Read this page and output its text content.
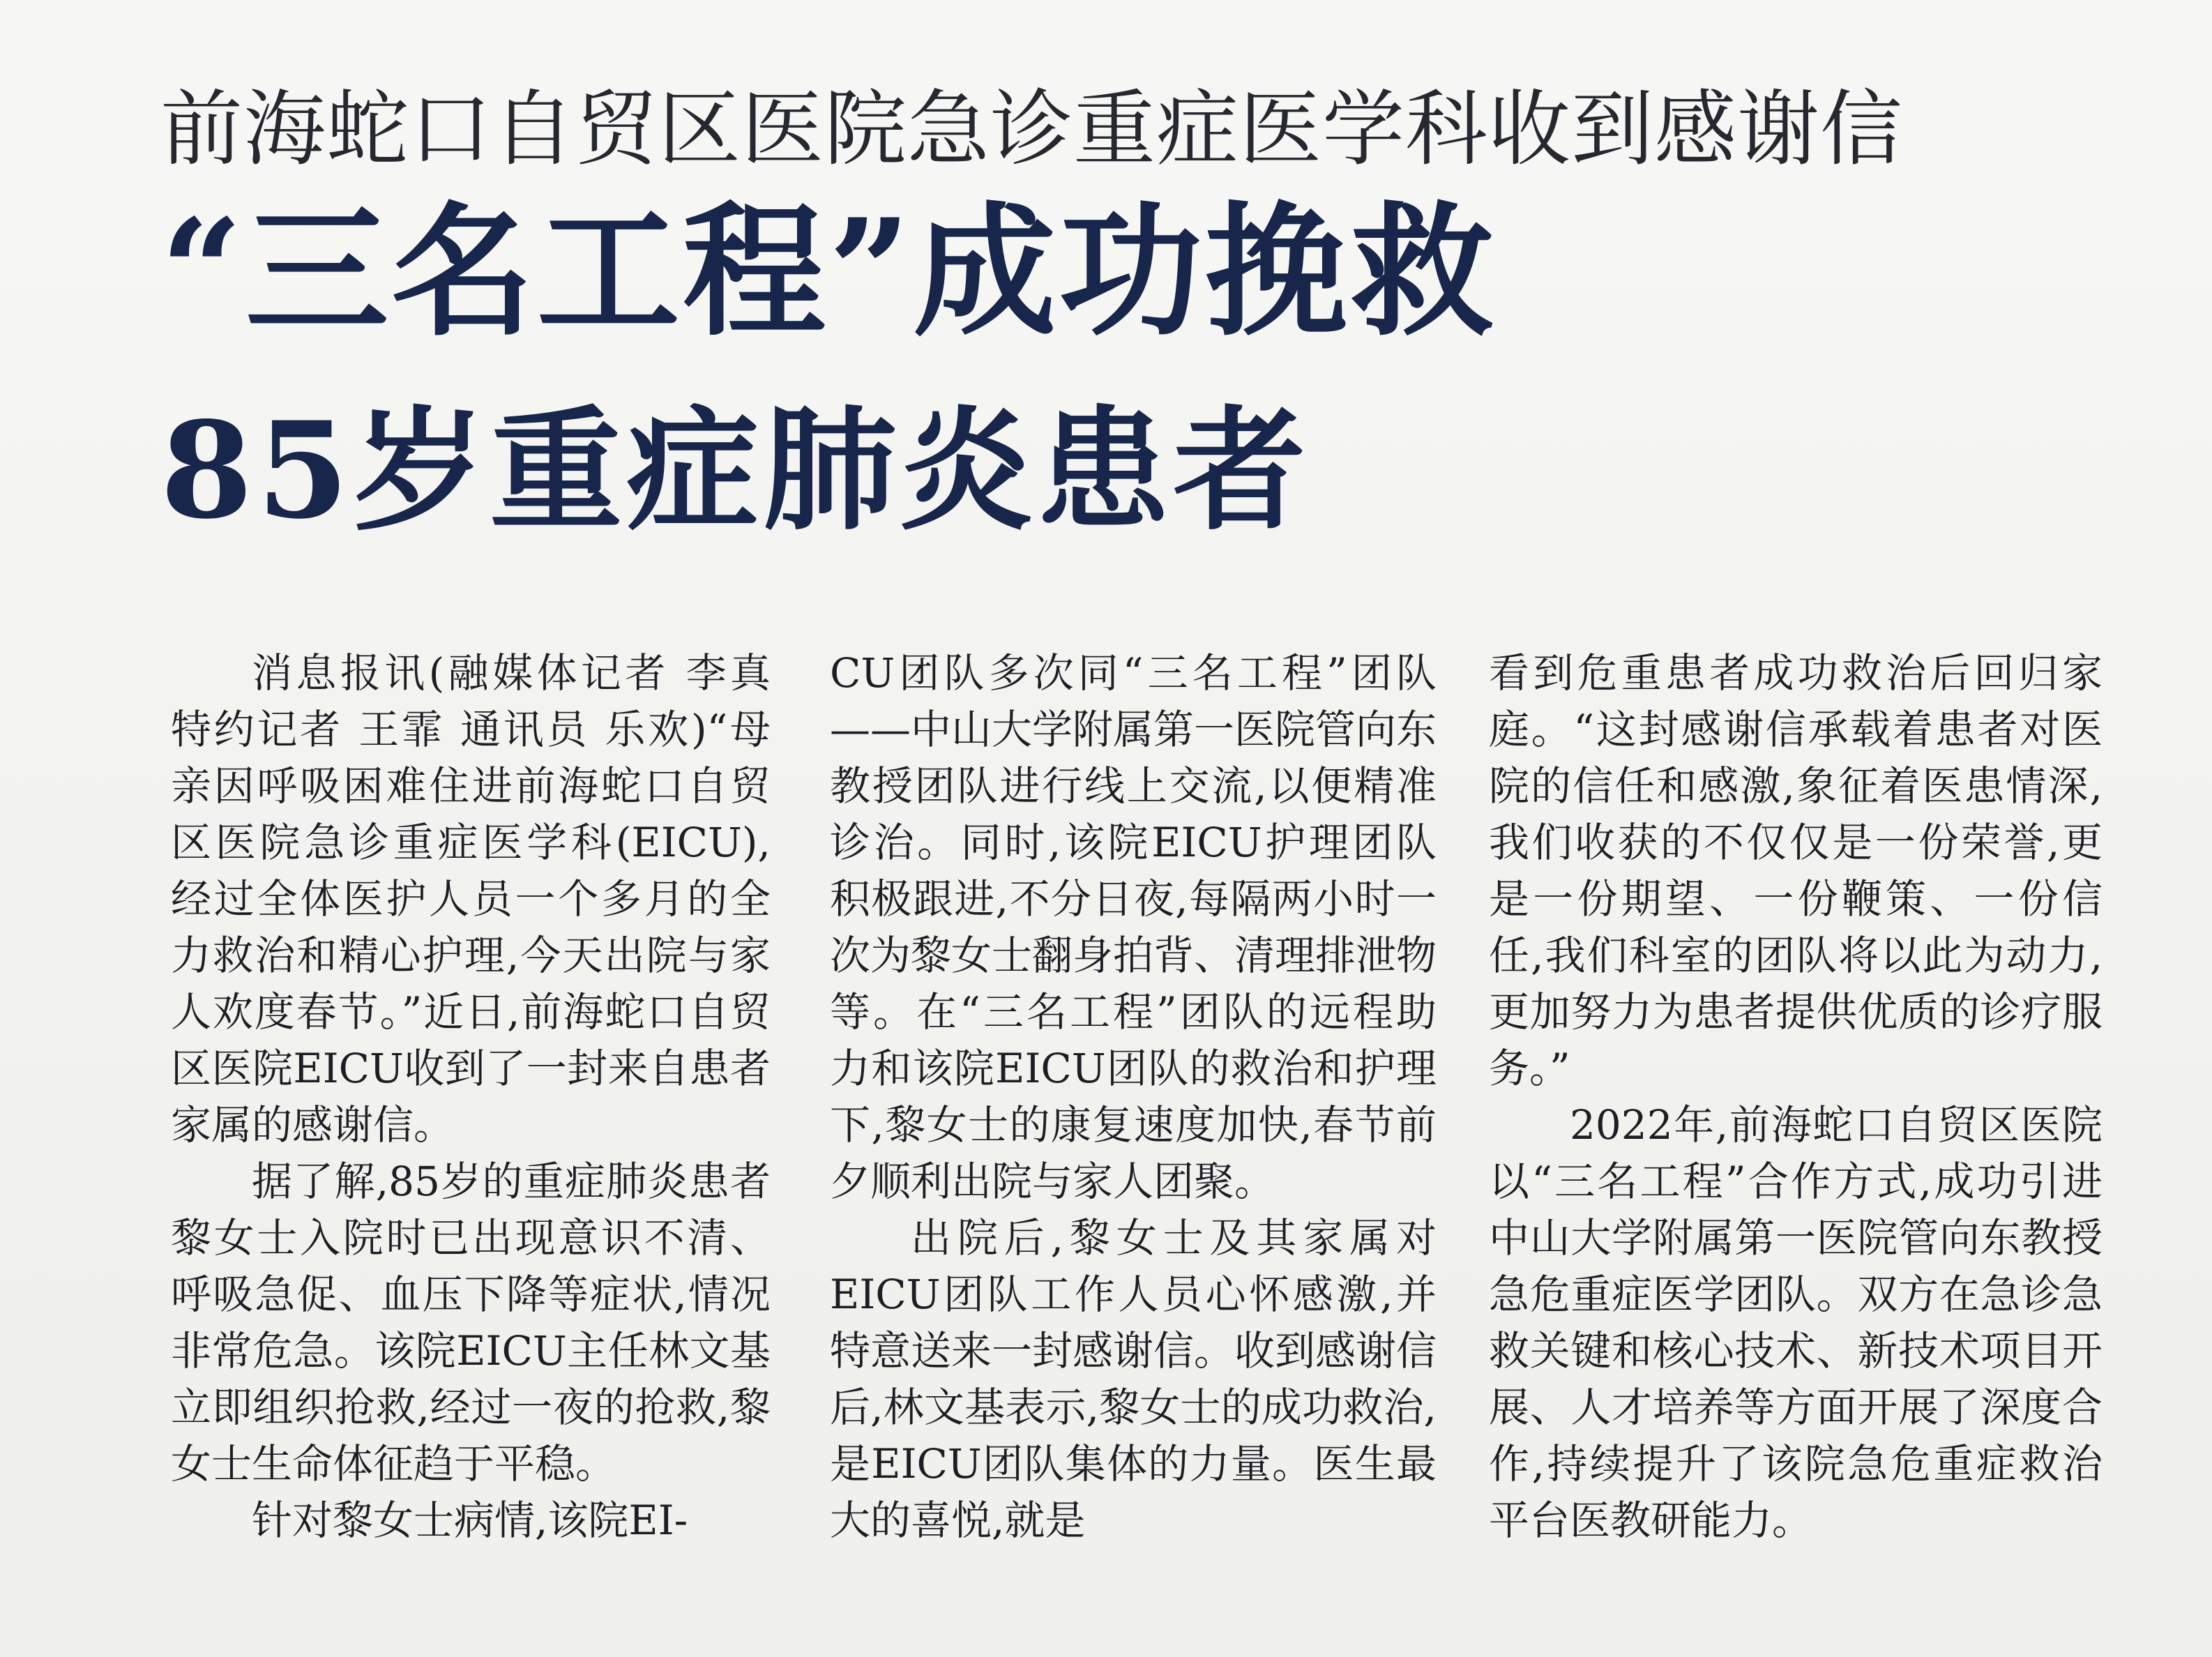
前海蛇口自贸区医院急诊重症医学科收到感谢信
“三名工程”成功挽救
85岁重症肺炎患者

消息报讯(融媒体记者 李真 特约记者 王霏 通讯员 乐欢)“母亲因呼吸困难住进前海蛇口自贸区医院急诊重症医学科(EICU),经过全体医护人员一个多月的全力救治和精心护理,今天出院与家人欢度春节。”近日,前海蛇口自贸区医院EICU收到了一封来自患者家属的感谢信。

据了解,85岁的重症肺炎患者黎女士入院时已出现意识不清、呼吸急促、血压下降等症状,情况非常危急。该院EICU主任林文基立即组织抢救,经过一夜的抢救,黎女士生命体征趋于平稳。

针对黎女士病情,该院EI-

CU团队多次同“三名工程”团队——中山大学附属第一医院管向东教授团队进行线上交流,以便精准诊治。同时,该院EICU护理团队积极跟进,不分日夜,每隔两小时一次为黎女士翻身拍背、清理排泄物等。在“三名工程”团队的远程助力和该院EICU团队的救治和护理下,黎女士的康复速度加快,春节前夕顺利出院与家人团聚。

出院后,黎女士及其家属对EICU团队工作人员心怀感激,并特意送来一封感谢信。收到感谢信后,林文基表示,黎女士的成功救治,是EICU团队集体的力量。医生最大的喜悦,就是

看到危重患者成功救治后回归家庭。“这封感谢信承载着患者对医院的信任和感激,象征着医患情深,我们收获的不仅仅是一份荣誉,更是一份期望、一份鞭策、一份信任,我们科室的团队将以此为动力,更加努力为患者提供优质的诊疗服务。”

2022年,前海蛇口自贸区医院以“三名工程”合作方式,成功引进中山大学附属第一医院管向东教授急危重症医学团队。双方在急诊急救关键和核心技术、新技术项目开展、人才培养等方面开展了深度合作,持续提升了该院急危重症救治平台医教研能力。
